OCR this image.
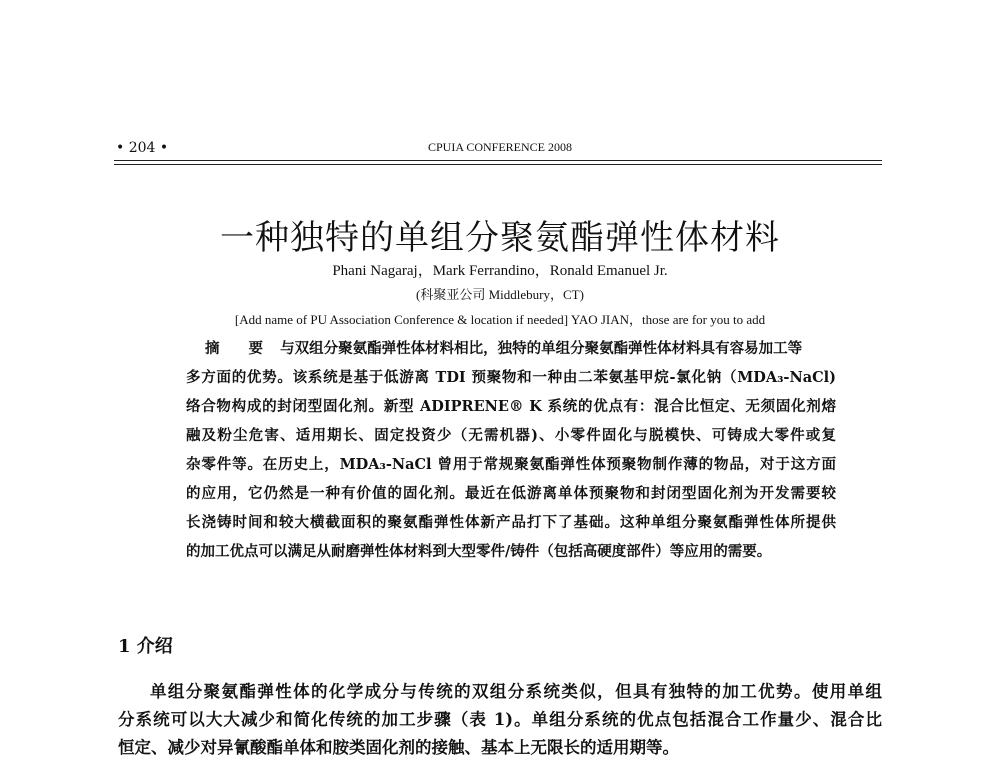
• 204 •	CPUIA CONFERENCE 2008
一种独特的单组分聚氨酯弹性体材料
Phani Nagaraj，Mark Ferrandino，Ronald Emanuel Jr.
(科聚亚公司 Middlebury，CT)
[Add name of PU Association Conference & location if needed] YAO JIAN，those are for you to add
摘 要 与双组分聚氨酯弹性体材料相比，独特的单组分聚氨酯弹性体材料具有容易加工等
多方面的优势。该系统是基于低游离 TDI 预聚物和一种由二苯氨基甲烷-氯化钠（MDA₃-NaCl)
络合物构成的封闭型固化剂。新型 ADIPRENE® K 系统的优点有：混合比恒定、无须固化剂熔
融及粉尘危害、适用期长、固定投资少（无需机器)、小零件固化与脱模快、可铸成大零件或复
杂零件等。在历史上，MDA₃-NaCl 曾用于常规聚氨酯弹性体预聚物制作薄的物品，对于这方面
的应用，它仍然是一种有价值的固化剂。最近在低游离单体预聚物和封闭型固化剂为开发需要较
长浇铸时间和较大横截面积的聚氨酯弹性体新产品打下了基础。这种单组分聚氨酯弹性体所提供
的加工优点可以满足从耐磨弹性体材料到大型零件/铸件（包括高硬度部件）等应用的需要。
1 介绍
单组分聚氨酯弹性体的化学成分与传统的双组分系统类似，但具有独特的加工优势。使用单组
分系统可以大大减少和简化传统的加工步骤（表 1)。单组分系统的优点包括混合工作量少、混合比
恒定、减少对异氰酸酯单体和胺类固化剂的接触、基本上无限长的适用期等。
